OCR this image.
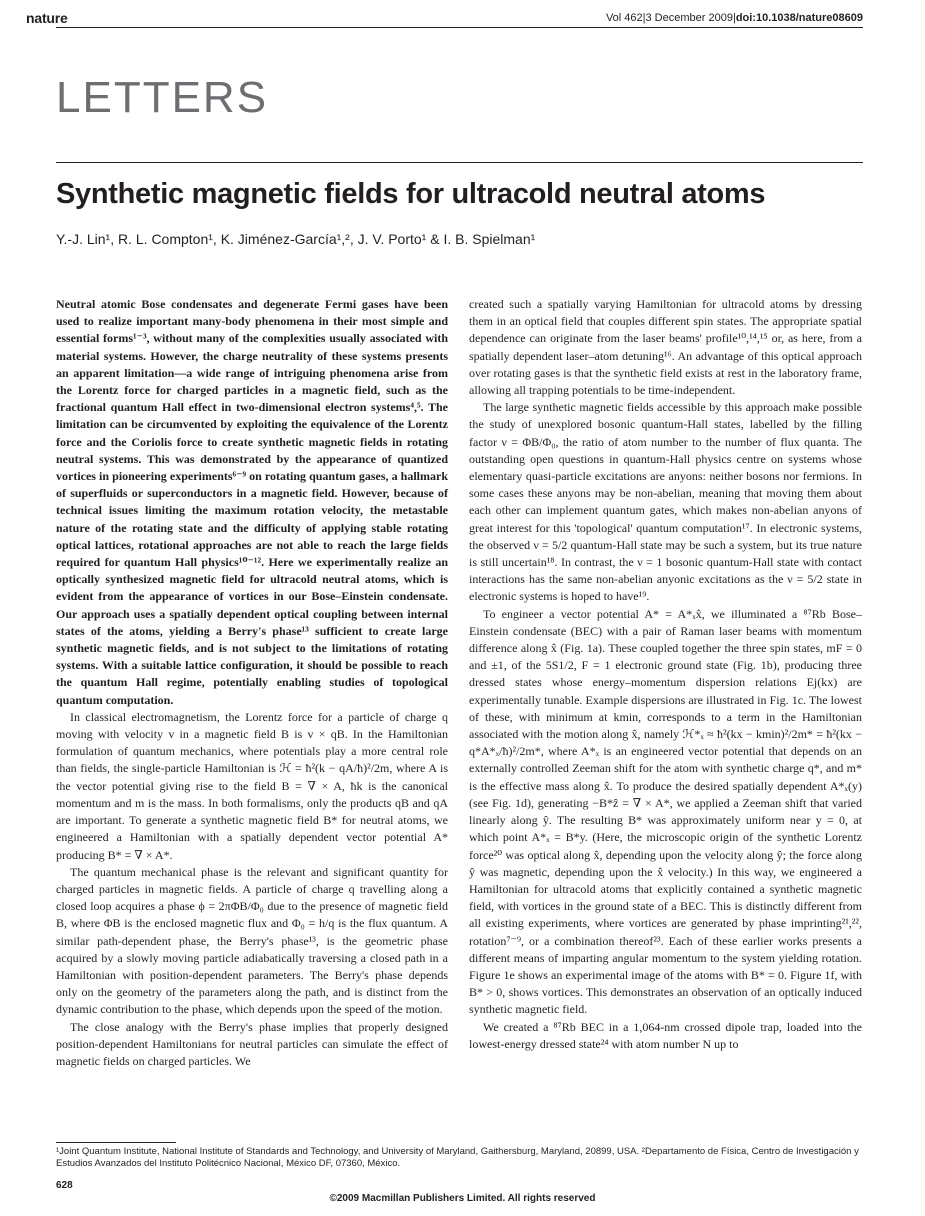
nature	Vol 462|3 December 2009|doi:10.1038/nature08609
LETTERS
Synthetic magnetic fields for ultracold neutral atoms
Y.-J. Lin¹, R. L. Compton¹, K. Jiménez-García¹,², J. V. Porto¹ & I. B. Spielman¹

Neutral atomic Bose condensates and degenerate Fermi gases have been used to realize important many-body phenomena in their most simple and essential forms¹⁻³, without many of the complexities usually associated with material systems. However, the charge neutrality of these systems presents an apparent limitation—a wide range of intriguing phenomena arise from the Lorentz force for charged particles in a magnetic field, such as the fractional quantum Hall effect in two-dimensional electron systems⁴,⁵. The limitation can be circumvented by exploiting the equivalence of the Lorentz force and the Coriolis force to create synthetic magnetic fields in rotating neutral systems. This was demonstrated by the appearance of quantized vortices in pioneering experiments⁶⁻⁹ on rotating quantum gases, a hallmark of superfluids or superconductors in a magnetic field. However, because of technical issues limiting the maximum rotation velocity, the metastable nature of the rotating state and the difficulty of applying stable rotating optical lattices, rotational approaches are not able to reach the large fields required for quantum Hall physics¹⁰⁻¹². Here we experimentally realize an optically synthesized magnetic field for ultracold neutral atoms, which is evident from the appearance of vortices in our Bose–Einstein condensate. Our approach uses a spatially dependent optical coupling between internal states of the atoms, yielding a Berry's phase¹³ sufficient to create large synthetic magnetic fields, and is not subject to the limitations of rotating systems. With a suitable lattice configuration, it should be possible to reach the quantum Hall regime, potentially enabling studies of topological quantum computation.

In classical electromagnetism, the Lorentz force for a particle of charge q moving with velocity v in a magnetic field B is v × qB. In the Hamiltonian formulation of quantum mechanics, where potentials play a more central role than fields, the single-particle Hamiltonian is ℋ = ħ²(k − qA/ħ)²/2m, where A is the vector potential giving rise to the field B = ∇ × A, ħk is the canonical momentum and m is the mass. In both formalisms, only the products qB and qA are important. To generate a synthetic magnetic field B* for neutral atoms, we engineered a Hamiltonian with a spatially dependent vector potential A* producing B* = ∇ × A*.

The quantum mechanical phase is the relevant and significant quantity for charged particles in magnetic fields. A particle of charge q travelling along a closed loop acquires a phase ϕ = 2πΦB/Φ₀ due to the presence of magnetic field B, where ΦB is the enclosed magnetic flux and Φ₀ = h/q is the flux quantum. A similar path-dependent phase, the Berry's phase¹³, is the geometric phase acquired by a slowly moving particle adiabatically traversing a closed path in a Hamiltonian with position-dependent parameters. The Berry's phase depends only on the geometry of the parameters along the path, and is distinct from the dynamic contribution to the phase, which depends upon the speed of the motion.

The close analogy with the Berry's phase implies that properly designed position-dependent Hamiltonians for neutral particles can simulate the effect of magnetic fields on charged particles. We

created such a spatially varying Hamiltonian for ultracold atoms by dressing them in an optical field that couples different spin states. The appropriate spatial dependence can originate from the laser beams' profile¹⁰,¹⁴,¹⁵ or, as here, from a spatially dependent laser–atom detuning¹⁶. An advantage of this optical approach over rotating gases is that the synthetic field exists at rest in the laboratory frame, allowing all trapping potentials to be time-independent.

The large synthetic magnetic fields accessible by this approach make possible the study of unexplored bosonic quantum-Hall states, labelled by the filling factor ν = ΦB/Φ₀, the ratio of atom number to the number of flux quanta. The outstanding open questions in quantum-Hall physics centre on systems whose elementary quasi-particle excitations are anyons: neither bosons nor fermions. In some cases these anyons may be non-abelian, meaning that moving them about each other can implement quantum gates, which makes non-abelian anyons of great interest for this 'topological' quantum computation¹⁷. In electronic systems, the observed ν = 5/2 quantum-Hall state may be such a system, but its true nature is still uncertain¹⁸. In contrast, the ν = 1 bosonic quantum-Hall state with contact interactions has the same non-abelian anyonic excitations as the ν = 5/2 state in electronic systems is hoped to have¹⁹.

To engineer a vector potential A* = A*ₓx̂, we illuminated a ⁸⁷Rb Bose–Einstein condensate (BEC) with a pair of Raman laser beams with momentum difference along x̂ (Fig. 1a). These coupled together the three spin states, mF = 0 and ±1, of the 5S1/2, F = 1 electronic ground state (Fig. 1b), producing three dressed states whose energy–momentum dispersion relations Ej(kx) are experimentally tunable. Example dispersions are illustrated in Fig. 1c. The lowest of these, with minimum at kmin, corresponds to a term in the Hamiltonian associated with the motion along x̂, namely ℋ*ₓ ≈ ħ²(kx − kmin)²/2m* = ħ²(kx − q*A*ₓ/ħ)²/2m*, where A*ₓ is an engineered vector potential that depends on an externally controlled Zeeman shift for the atom with synthetic charge q*, and m* is the effective mass along x̂. To produce the desired spatially dependent A*ₓ(y) (see Fig. 1d), generating −B*ẑ = ∇ × A*, we applied a Zeeman shift that varied linearly along ŷ. The resulting B* was approximately uniform near y = 0, at which point A*ₓ = B*y. (Here, the microscopic origin of the synthetic Lorentz force²⁰ was optical along x̂, depending upon the velocity along ŷ; the force along ŷ was magnetic, depending upon the x̂ velocity.) In this way, we engineered a Hamiltonian for ultracold atoms that explicitly contained a synthetic magnetic field, with vortices in the ground state of a BEC. This is distinctly different from all existing experiments, where vortices are generated by phase imprinting²¹,²², rotation⁷⁻⁹, or a combination thereof²³. Each of these earlier works presents a different means of imparting angular momentum to the system yielding rotation. Figure 1e shows an experimental image of the atoms with B* = 0. Figure 1f, with B* > 0, shows vortices. This demonstrates an observation of an optically induced synthetic magnetic field.

We created a ⁸⁷Rb BEC in a 1,064-nm crossed dipole trap, loaded into the lowest-energy dressed state²⁴ with atom number N up to

¹Joint Quantum Institute, National Institute of Standards and Technology, and University of Maryland, Gaithersburg, Maryland, 20899, USA. ²Departamento de Física, Centro de Investigación y Estudios Avanzados del Instituto Politécnico Nacional, México DF, 07360, México.
628
©2009 Macmillan Publishers Limited. All rights reserved
